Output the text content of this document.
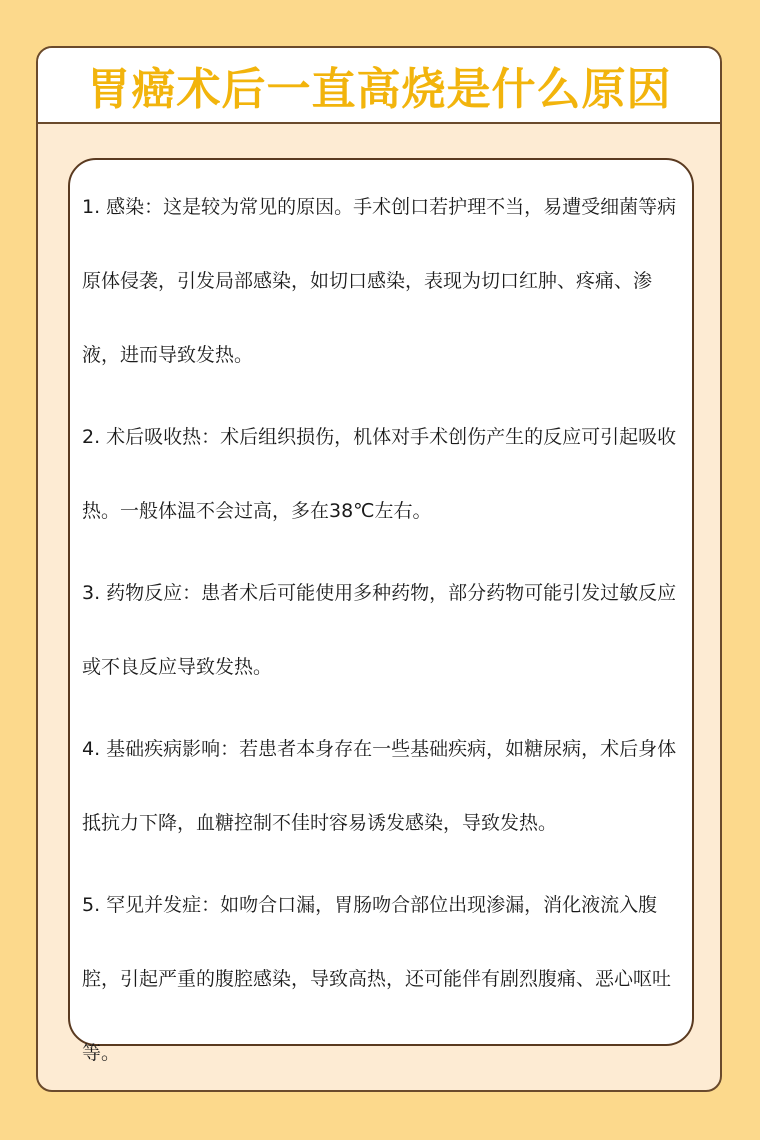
胃癌术后一直高烧是什么原因

1. 感染：这是较为常见的原因。手术创口若护理不当，易遭受细菌等病原体侵袭，引发局部感染，如切口感染，表现为切口红肿、疼痛、渗液，进而导致发热。

2. 术后吸收热：术后组织损伤，机体对手术创伤产生的反应可引起吸收热。一般体温不会过高，多在38℃左右。

3. 药物反应：患者术后可能使用多种药物，部分药物可能引发过敏反应或不良反应导致发热。

4. 基础疾病影响：若患者本身存在一些基础疾病，如糖尿病，术后身体抵抗力下降，血糖控制不佳时容易诱发感染，导致发热。

5. 罕见并发症：如吻合口漏，胃肠吻合部位出现渗漏，消化液流入腹腔，引起严重的腹腔感染，导致高热，还可能伴有剧烈腹痛、恶心呕吐等。
